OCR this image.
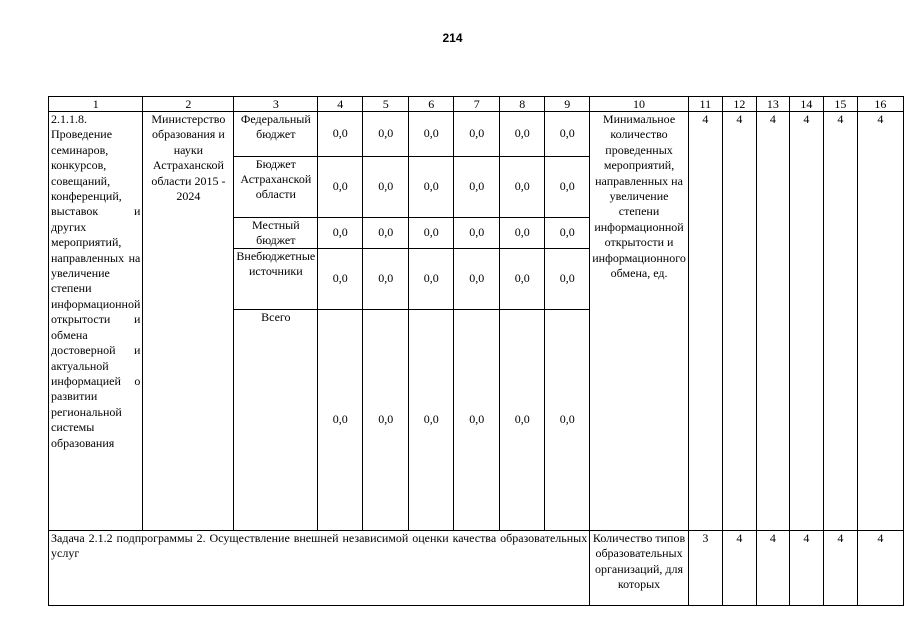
214
1	2	3	4	5	6	7	8	9	10	11	12	13	14	15	16
2.1.1.8. Проведение семинаров, конкурсов, совещаний, конференций, выставок и других мероприятий, направленных на увеличение степени информационной открытости и обмена достоверной и актуальной информацией о развитии региональной системы образования	Министерство образования и науки Астраханской области 2015 - 2024	Федеральный бюджет	0,0	0,0	0,0	0,0	0,0	0,0	Минимальное количество проведенных мероприятий, направленных на увеличение степени информационной открытости и информационного обмена, ед.	4	4	4	4	4	4
		Бюджет Астраханской области	0,0	0,0	0,0	0,0	0,0	0,0							
		Местный бюджет	0,0	0,0	0,0	0,0	0,0	0,0							
		Внебюджетные источники	0,0	0,0	0,0	0,0	0,0	0,0							
		Всего	0,0	0,0	0,0	0,0	0,0	0,0							
Задача 2.1.2 подпрограммы 2. Осуществление внешней независимой оценки качества образовательных услуг									Количество типов образовательных организаций, для которых	3	4	4	4	4	4
